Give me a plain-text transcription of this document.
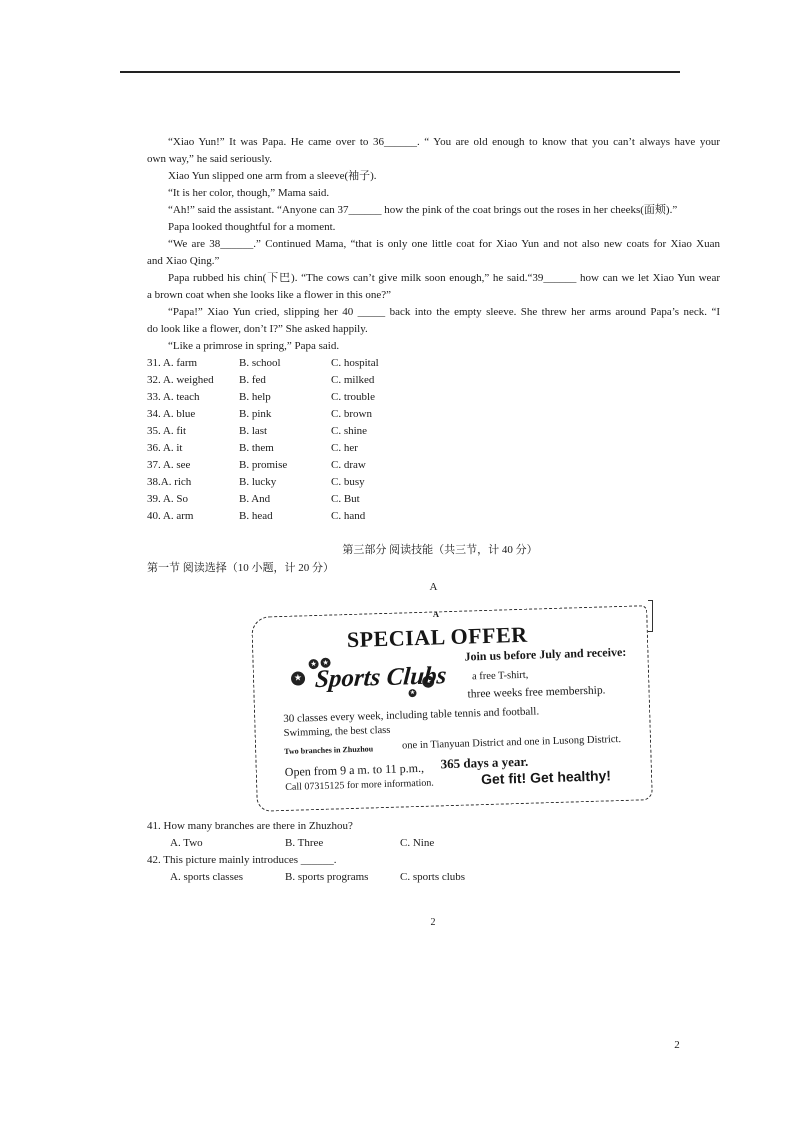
“Xiao Yun!” It was Papa. He came over to 36______. “ You are old enough to know that you can’t always have your
own way,” he said seriously.
Xiao Yun slipped one arm from a sleeve(袖子).
“It is her color, though,” Mama said.
“Ah!” said the assistant. “Anyone can 37______ how the pink of the coat brings out the roses in her cheeks(面颊).”
Papa looked thoughtful for a moment.
“We are 38______.” Continued Mama, “that is only one little coat for Xiao Yun and not also new coats for Xiao Xuan
and Xiao Qing.”
Papa rubbed his chin(下巴). “The cows can’t give milk soon enough,” he said.“39______ how can we let Xiao Yun wear
a brown coat when she looks like a flower in this one?”
“Papa!” Xiao Yun cried, slipping her 40 _____ back into the empty sleeve. She threw her arms around Papa’s neck. “I
do look like a flower, don’t I?” She asked happily.
“Like a primrose in spring,” Papa said.
31. A. farm	B. school	C. hospital
32. A. weighed B. fed	C. milked
33. A. teach	B. help	C. trouble
34. A. blue	B. pink	C. brown
35. A. fit	B. last	C. shine
36. A. it	B. them	C. her
37. A. see	B. promise	C. draw
38.A. rich	B. lucky	C. busy
39. A. So	B. And	C. But
40. A. arm	B. head	C. hand
第三部分 阅读技能（共三节，计 40 分）
第一节 阅读选择（10 小题，计 20 分）
A
A
SPECIAL OFFER
★
★
★
★
★
Sports Clubs
Join us before July and receive:
a free T-shirt,
three weeks free membership.
30 classes every week, including table tennis and football.
Swimming, the best class
Two branches in Zhuzhou	one in Tianyuan District and one in Lusong District.
Open from 9 a m. to 11 p.m., 365 days a year.
Call 07315125 for more information.	Get fit! Get healthy!
41. How many branches are there in Zhuzhou?
A. Two	B. Three	C. Nine
42. This picture mainly introduces ______.
A. sports classes	B. sports programs	C. sports clubs
2
2
